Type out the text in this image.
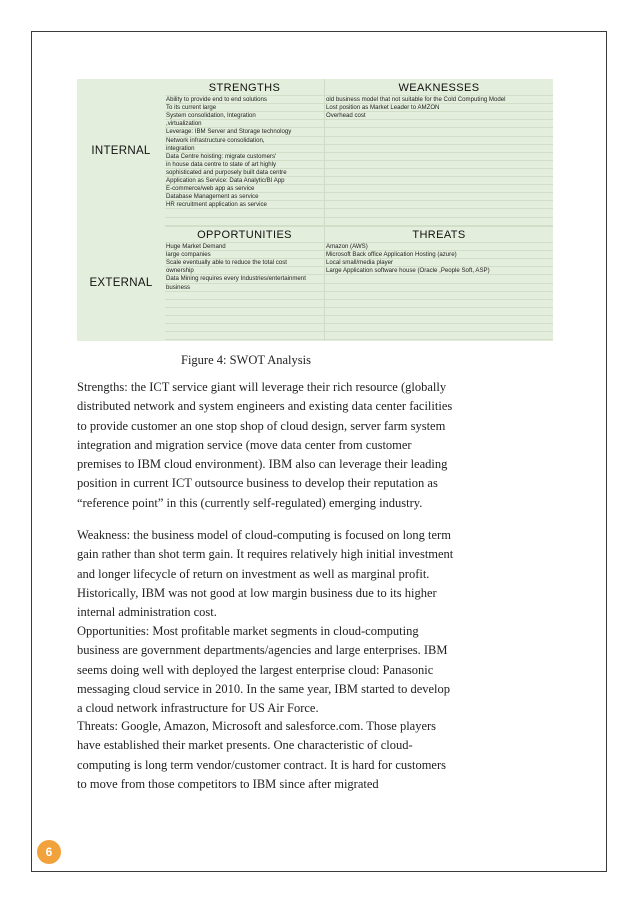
INTERNAL
EXTERNAL
STRENGTHS
OPPORTUNITIES
WEAKNESSES
THREATS
Ability to provide end to end solutions
To its current large
System consolidation, Integration
,virtualization
Leverage: IBM Server and Storage technology
Network infrastructure consolidation,
integration
Data Centre hoisting: migrate customers'
in house data centre to state of art highly
sophisticated and purposely built data centre
Application as Service: Data Analytic/BI App
E-commerce/web app as service
Database Management as service
HR recruitment application as service
old business model that not suitable for the Cold Computing Model
Lost position as Market Leader to AMZON
Overhead cost
Huge Market Demand
large companies
Scale eventually able to reduce the total cost
ownership
Data Mining requires every Industries/entertainment
business
Amazon (AWS)
Microsoft Back office Application Hosting (azure)
Local small/media player
Large Application software house (Oracle ,People Soft, ASP)
Figure 4: SWOT Analysis

Strengths: the ICT service giant will leverage their rich resource (globally distributed network and system engineers and existing data center facilities to provide customer an one stop shop of cloud design, server farm system integration and migration service (move data center from customer premises to IBM cloud environment). IBM also can leverage their leading position in current ICT outsource business to develop their reputation as “reference point” in this (currently self-regulated) emerging industry.

Weakness: the business model of cloud-computing is focused on long term gain rather than shot term gain. It requires relatively high initial investment and longer lifecycle of return on investment as well as marginal profit. Historically, IBM was not good at low margin business due to its higher internal administration cost.

Opportunities: Most profitable market segments in cloud-computing business are government departments/agencies and large enterprises. IBM seems doing well with deployed the largest enterprise cloud: Panasonic messaging cloud service in 2010. In the same year, IBM started to develop a cloud network infrastructure for US Air Force.

Threats: Google, Amazon, Microsoft and salesforce.com. Those players have established their market presents. One characteristic of cloud-computing is long term vendor/customer contract. It is hard for customers to move from those competitors to IBM since after migrated

6
